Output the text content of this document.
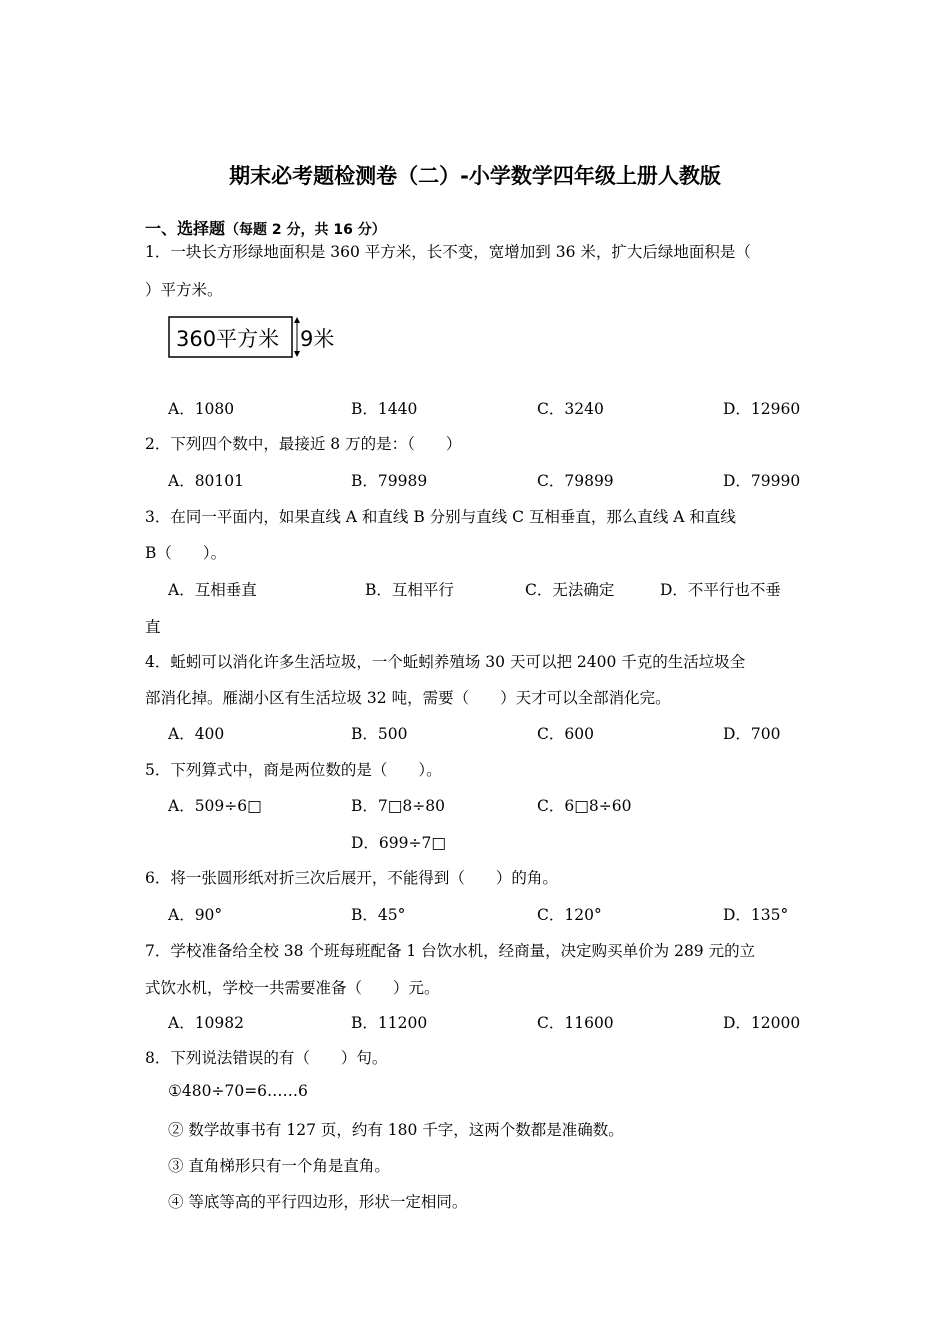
期末必考题检测卷（二）-小学数学四年级上册人教版
一、选择题（每题 2 分，共 16 分）
1．一块长方形绿地面积是 360 平方米，长不变，宽增加到 36 米，扩大后绿地面积是（
）平方米。
360平方米 9米
A．1080	B．1440	C．3240	D．12960
2．下列四个数中，最接近 8 万的是：（　　）
A．80101	B．79989	C．79899	D．79990
3．在同一平面内，如果直线 A 和直线 B 分别与直线 C 互相垂直，那么直线 A 和直线
B（　　）。
A．互相垂直	B．互相平行	C．无法确定	D．不平行也不垂
直
4．蚯蚓可以消化许多生活垃圾，一个蚯蚓养殖场 30 天可以把 2400 千克的生活垃圾全
部消化掉。雁湖小区有生活垃圾 32 吨，需要（　　）天才可以全部消化完。
A．400	B．500	C．600	D．700
5．下列算式中，商是两位数的是（　　）。
A．509÷6□	B．7□8÷80	C．6□8÷60
D．699÷7□
6．将一张圆形纸对折三次后展开，不能得到（　　）的角。
A．90°	B．45°	C．120°	D．135°
7．学校准备给全校 38 个班每班配备 1 台饮水机，经商量，决定购买单价为 289 元的立
式饮水机，学校一共需要准备（　　）元。
A．10982	B．11200	C．11600	D．12000
8．下列说法错误的有（　　）句。
①480÷70=6……6
② 数学故事书有 127 页，约有 180 千字，这两个数都是准确数。
③ 直角梯形只有一个角是直角。
④ 等底等高的平行四边形，形状一定相同。
